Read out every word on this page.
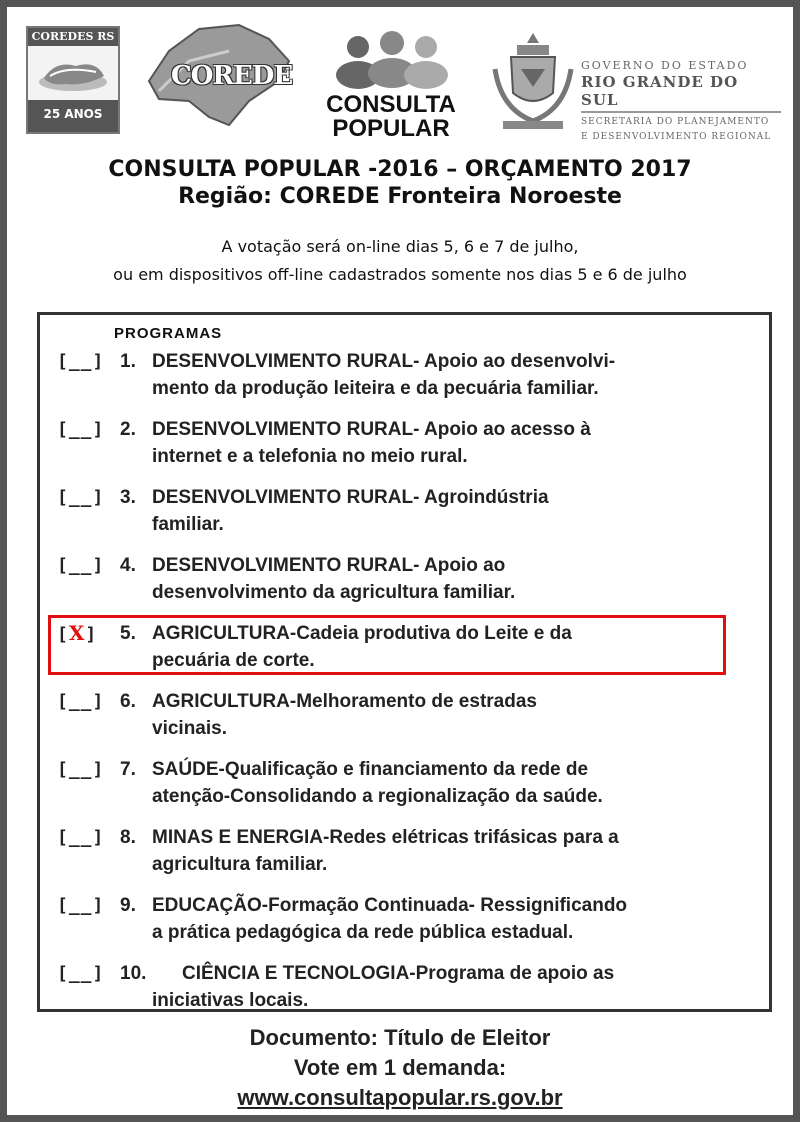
COREDES RS
25 ANOS
COREDE
CONSULTA
POPULAR
GOVERNO DO ESTADO
RIO GRANDE DO SUL
SECRETARIA DO PLANEJAMENTO
E DESENVOLVIMENTO REGIONAL
CONSULTA POPULAR -2016 – ORÇAMENTO 2017
Região: COREDE Fronteira Noroeste
A votação será on-line dias 5, 6 e 7 de julho,
ou em dispositivos off-line cadastrados somente nos dias 5 e 6 de julho
PROGRAMAS
[__] 1. DESENVOLVIMENTO RURAL- Apoio ao desenvolvi-
mento da produção leiteira e da pecuária familiar.
[__] 2. DESENVOLVIMENTO RURAL- Apoio ao acesso à
internet e a telefonia no meio rural.
[__] 3. DESENVOLVIMENTO RURAL- Agroindústria
familiar.
[__] 4. DESENVOLVIMENTO RURAL- Apoio ao
desenvolvimento da agricultura familiar.
[X] 5. AGRICULTURA-Cadeia produtiva do Leite e da
pecuária de corte.
[__] 6. AGRICULTURA-Melhoramento de estradas
vicinais.
[__] 7. SAÚDE-Qualificação e financiamento da rede de
atenção-Consolidando a regionalização da saúde.
[__] 8. MINAS E ENERGIA-Redes elétricas trifásicas para a
agricultura familiar.
[__] 9. EDUCAÇÃO-Formação Continuada- Ressignificando
a prática pedagógica da rede pública estadual.
[__] 10. CIÊNCIA E TECNOLOGIA-Programa de apoio as
iniciativas locais.
Documento: Título de Eleitor
Vote em 1 demanda:
www.consultapopular.rs.gov.br
